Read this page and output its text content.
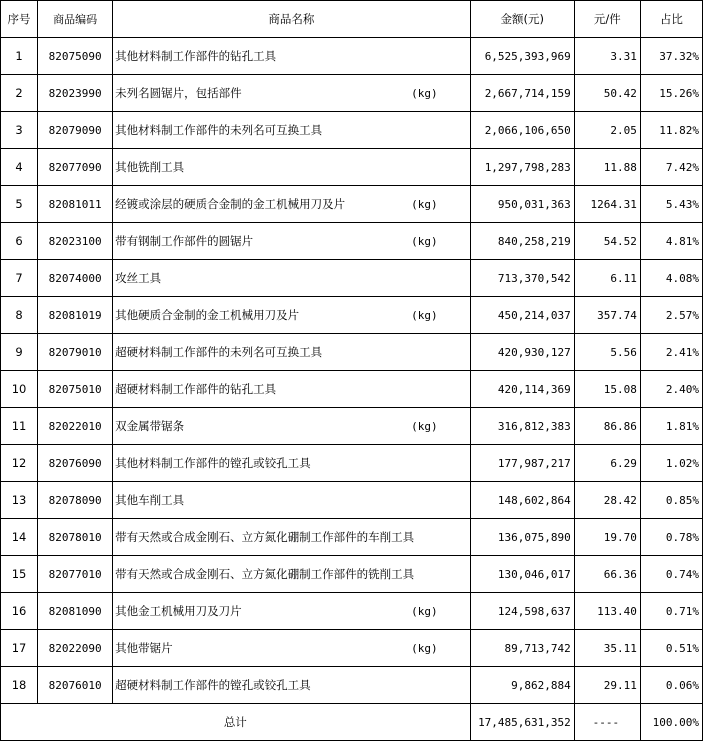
序号	商品编码	商品名称	金额(元)	元/件	占比
1	82075090	其他材料制工作部件的钻孔工具	6,525,393,969	3.31	37.32%
2	82023990	未列名圆锯片，包括部件 (kg)	2,667,714,159	50.42	15.26%
3	82079090	其他材料制工作部件的未列名可互换工具	2,066,106,650	2.05	11.82%
4	82077090	其他铣削工具	1,297,798,283	11.88	7.42%
5	82081011	经镀或涂层的硬质合金制的金工机械用刀及片 (kg)	950,031,363	1264.31	5.43%
6	82023100	带有钢制工作部件的圆锯片 (kg)	840,258,219	54.52	4.81%
7	82074000	攻丝工具	713,370,542	6.11	4.08%
8	82081019	其他硬质合金制的金工机械用刀及片 (kg)	450,214,037	357.74	2.57%
9	82079010	超硬材料制工作部件的未列名可互换工具	420,930,127	5.56	2.41%
10	82075010	超硬材料制工作部件的钻孔工具	420,114,369	15.08	2.40%
11	82022010	双金属带锯条 (kg)	316,812,383	86.86	1.81%
12	82076090	其他材料制工作部件的镗孔或铰孔工具	177,987,217	6.29	1.02%
13	82078090	其他车削工具	148,602,864	28.42	0.85%
14	82078010	带有天然或合成金刚石、立方氮化硼制工作部件的车削工具	136,075,890	19.70	0.78%
15	82077010	带有天然或合成金刚石、立方氮化硼制工作部件的铣削工具	130,046,017	66.36	0.74%
16	82081090	其他金工机械用刀及刀片 (kg)	124,598,637	113.40	0.71%
17	82022090	其他带锯片 (kg)	89,713,742	35.11	0.51%
18	82076010	超硬材料制工作部件的镗孔或铰孔工具	9,862,884	29.11	0.06%
总计			17,485,631,352	----	100.00%
